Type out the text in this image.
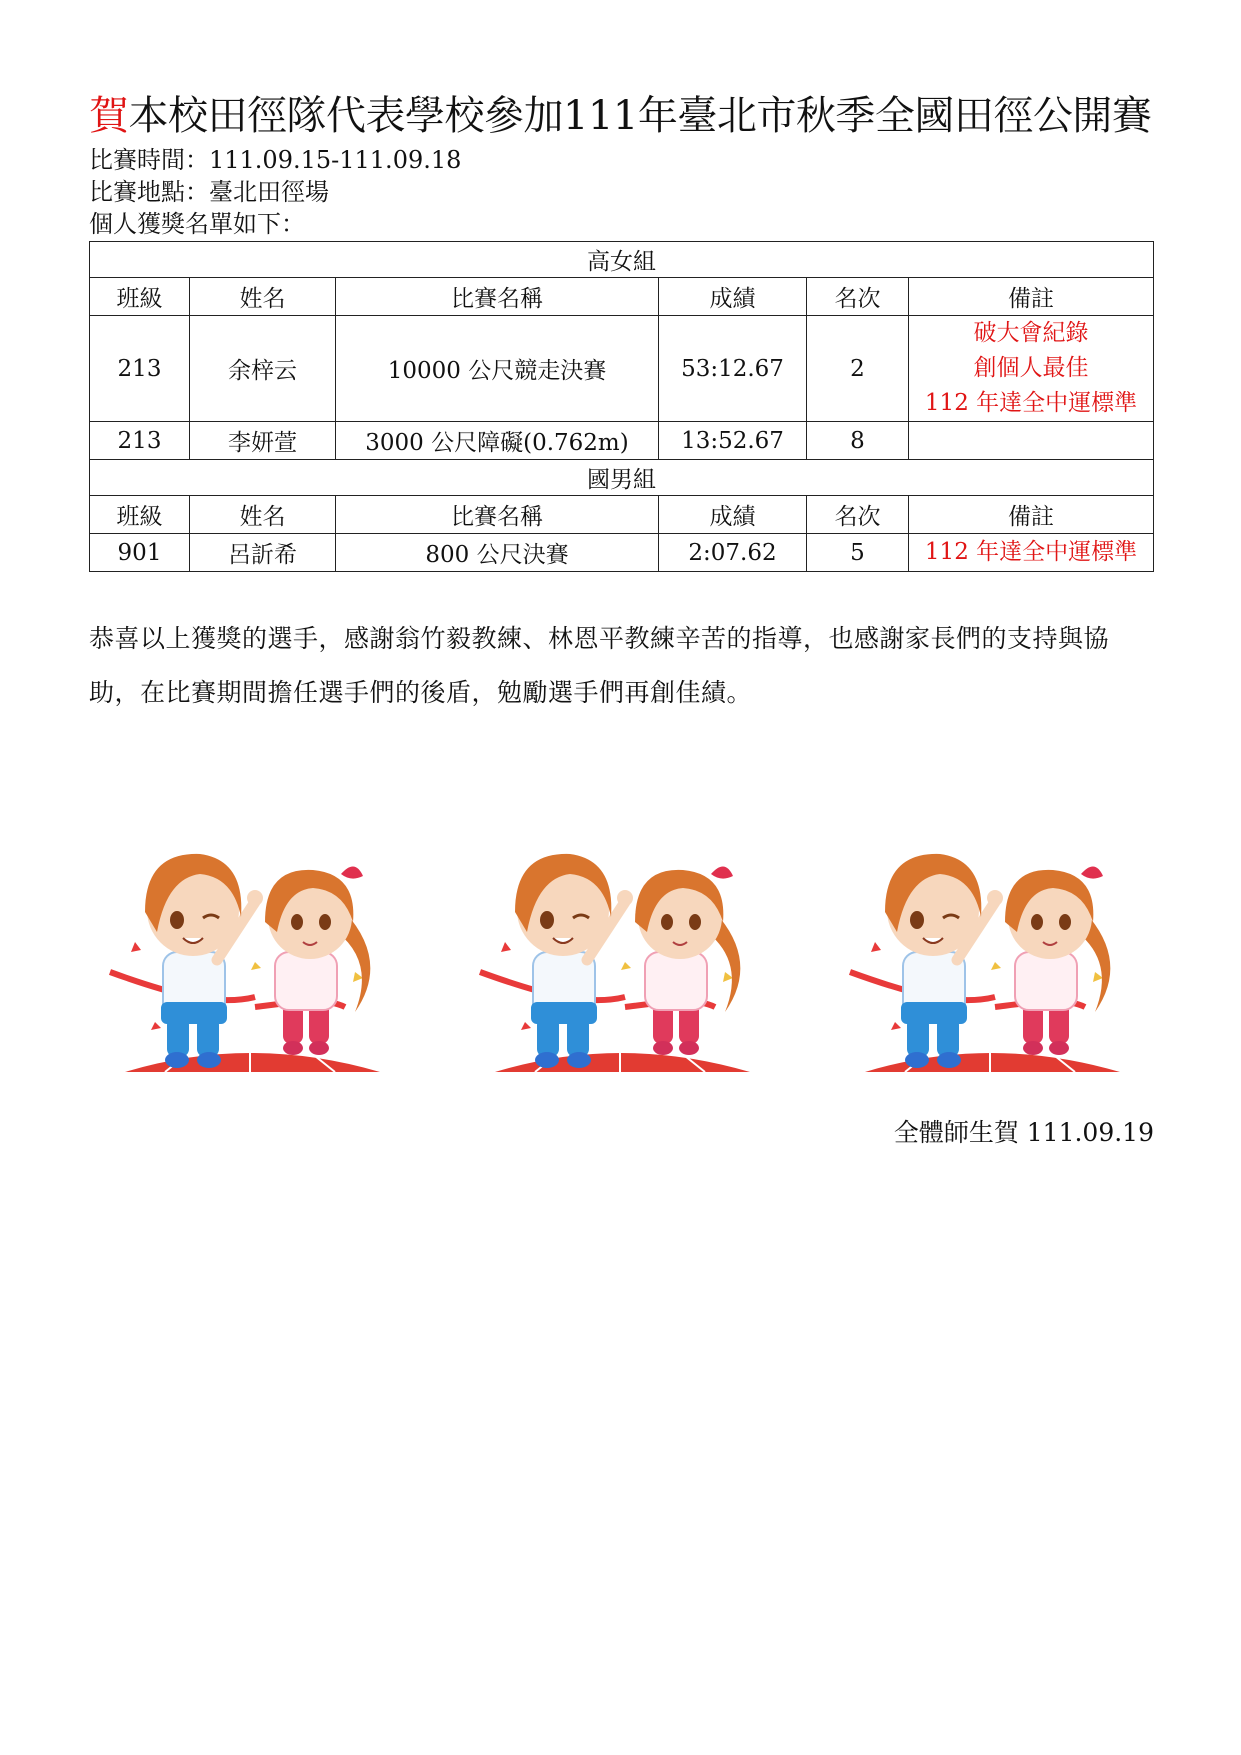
賀本校田徑隊代表學校參加111年臺北市秋季全國田徑公開賽

比賽時間：111.09.15-111.09.18

比賽地點：臺北田徑場

個人獲獎名單如下：

高女組					
班級	姓名	比賽名稱	成績	名次	備註
213	余梓云	10000 公尺競走決賽	53:12.67	2	破大會紀錄
創個人最佳
112 年達全中運標準

213	李妍萱	3000 公尺障礙(0.762m)	13:52.67	8	
國男組					
班級	姓名	比賽名稱	成績	名次	備註
901	呂訢希	800 公尺決賽	2:07.62	5	112 年達全中運標準

恭喜以上獲獎的選手，感謝翁竹毅教練、林恩平教練辛苦的指導，也感謝家長們的支持與協助，在比賽期間擔任選手們的後盾，勉勵選手們再創佳績。

全體師生賀 111.09.19
